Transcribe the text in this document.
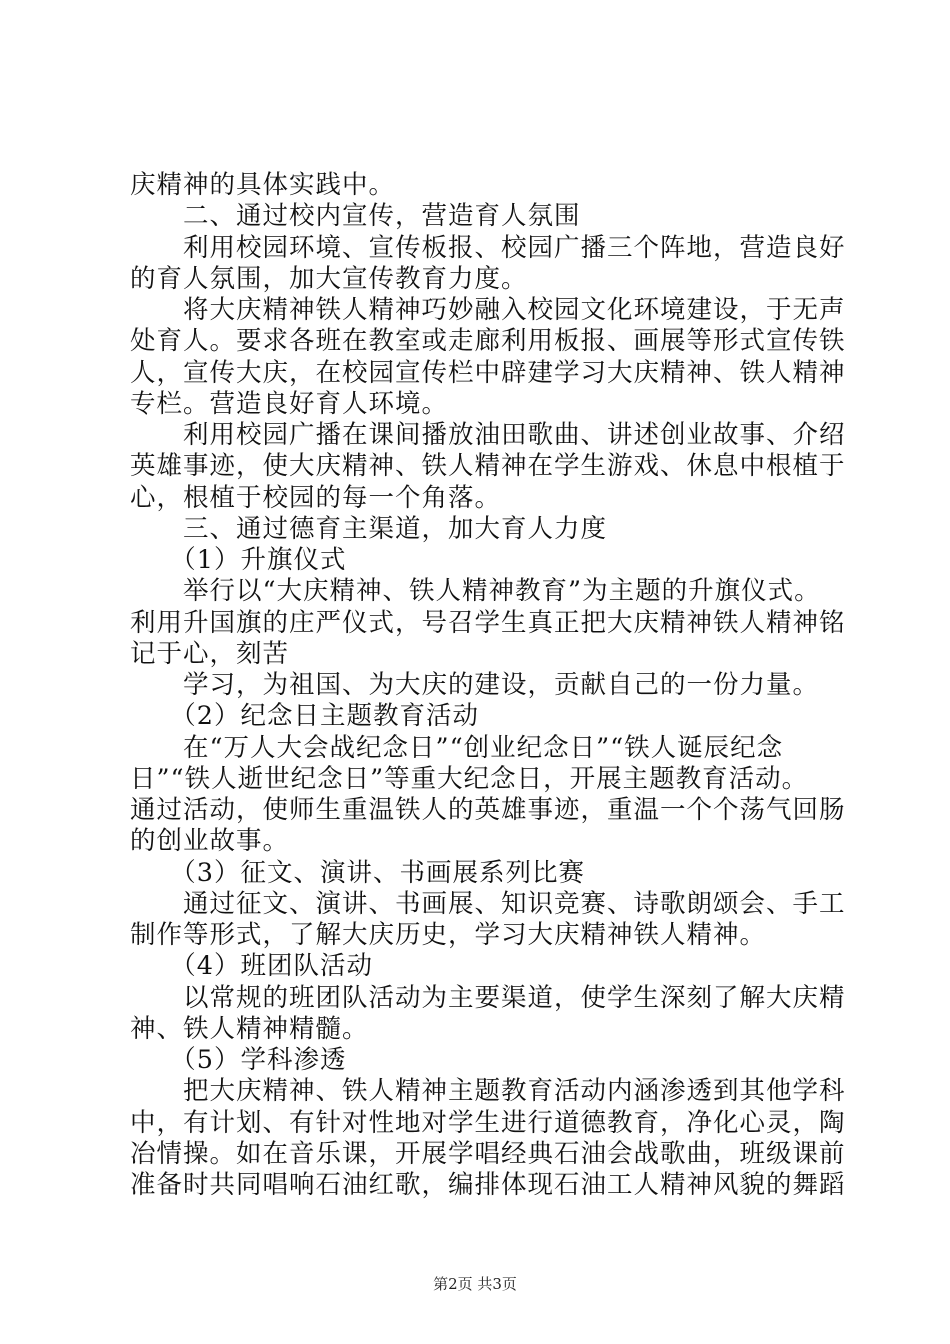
庆精神的具体实践中。
　　二、通过校内宣传，营造育人氛围
　　利用校园环境、宣传板报、校园广播三个阵地，营造良好
的育人氛围，加大宣传教育力度。
　　将大庆精神铁人精神巧妙融入校园文化环境建设，于无声
处育人。要求各班在教室或走廊利用板报、画展等形式宣传铁
人，宣传大庆，在校园宣传栏中辟建学习大庆精神、铁人精神
专栏。营造良好育人环境。
　　利用校园广播在课间播放油田歌曲、讲述创业故事、介绍
英雄事迹，使大庆精神、铁人精神在学生游戏、休息中根植于
心，根植于校园的每一个角落。
　　三、通过德育主渠道，加大育人力度
　　（1）升旗仪式
　　举行以“大庆精神、铁人精神教育”为主题的升旗仪式。
利用升国旗的庄严仪式，号召学生真正把大庆精神铁人精神铭
记于心，刻苦
　　学习，为祖国、为大庆的建设，贡献自己的一份力量。
　　（2）纪念日主题教育活动
　　在“万人大会战纪念日”“创业纪念日”“铁人诞辰纪念
日”“铁人逝世纪念日”等重大纪念日，开展主题教育活动。
通过活动，使师生重温铁人的英雄事迹，重温一个个荡气回肠
的创业故事。
　　（3）征文、演讲、书画展系列比赛
　　通过征文、演讲、书画展、知识竞赛、诗歌朗颂会、手工
制作等形式，了解大庆历史，学习大庆精神铁人精神。
　　（4）班团队活动
　　以常规的班团队活动为主要渠道，使学生深刻了解大庆精
神、铁人精神精髓。
　　（5）学科渗透
　　把大庆精神、铁人精神主题教育活动内涵渗透到其他学科
中，有计划、有针对性地对学生进行道德教育，净化心灵，陶
冶情操。如在音乐课，开展学唱经典石油会战歌曲，班级课前
准备时共同唱响石油红歌，编排体现石油工人精神风貌的舞蹈
第2页 共3页
